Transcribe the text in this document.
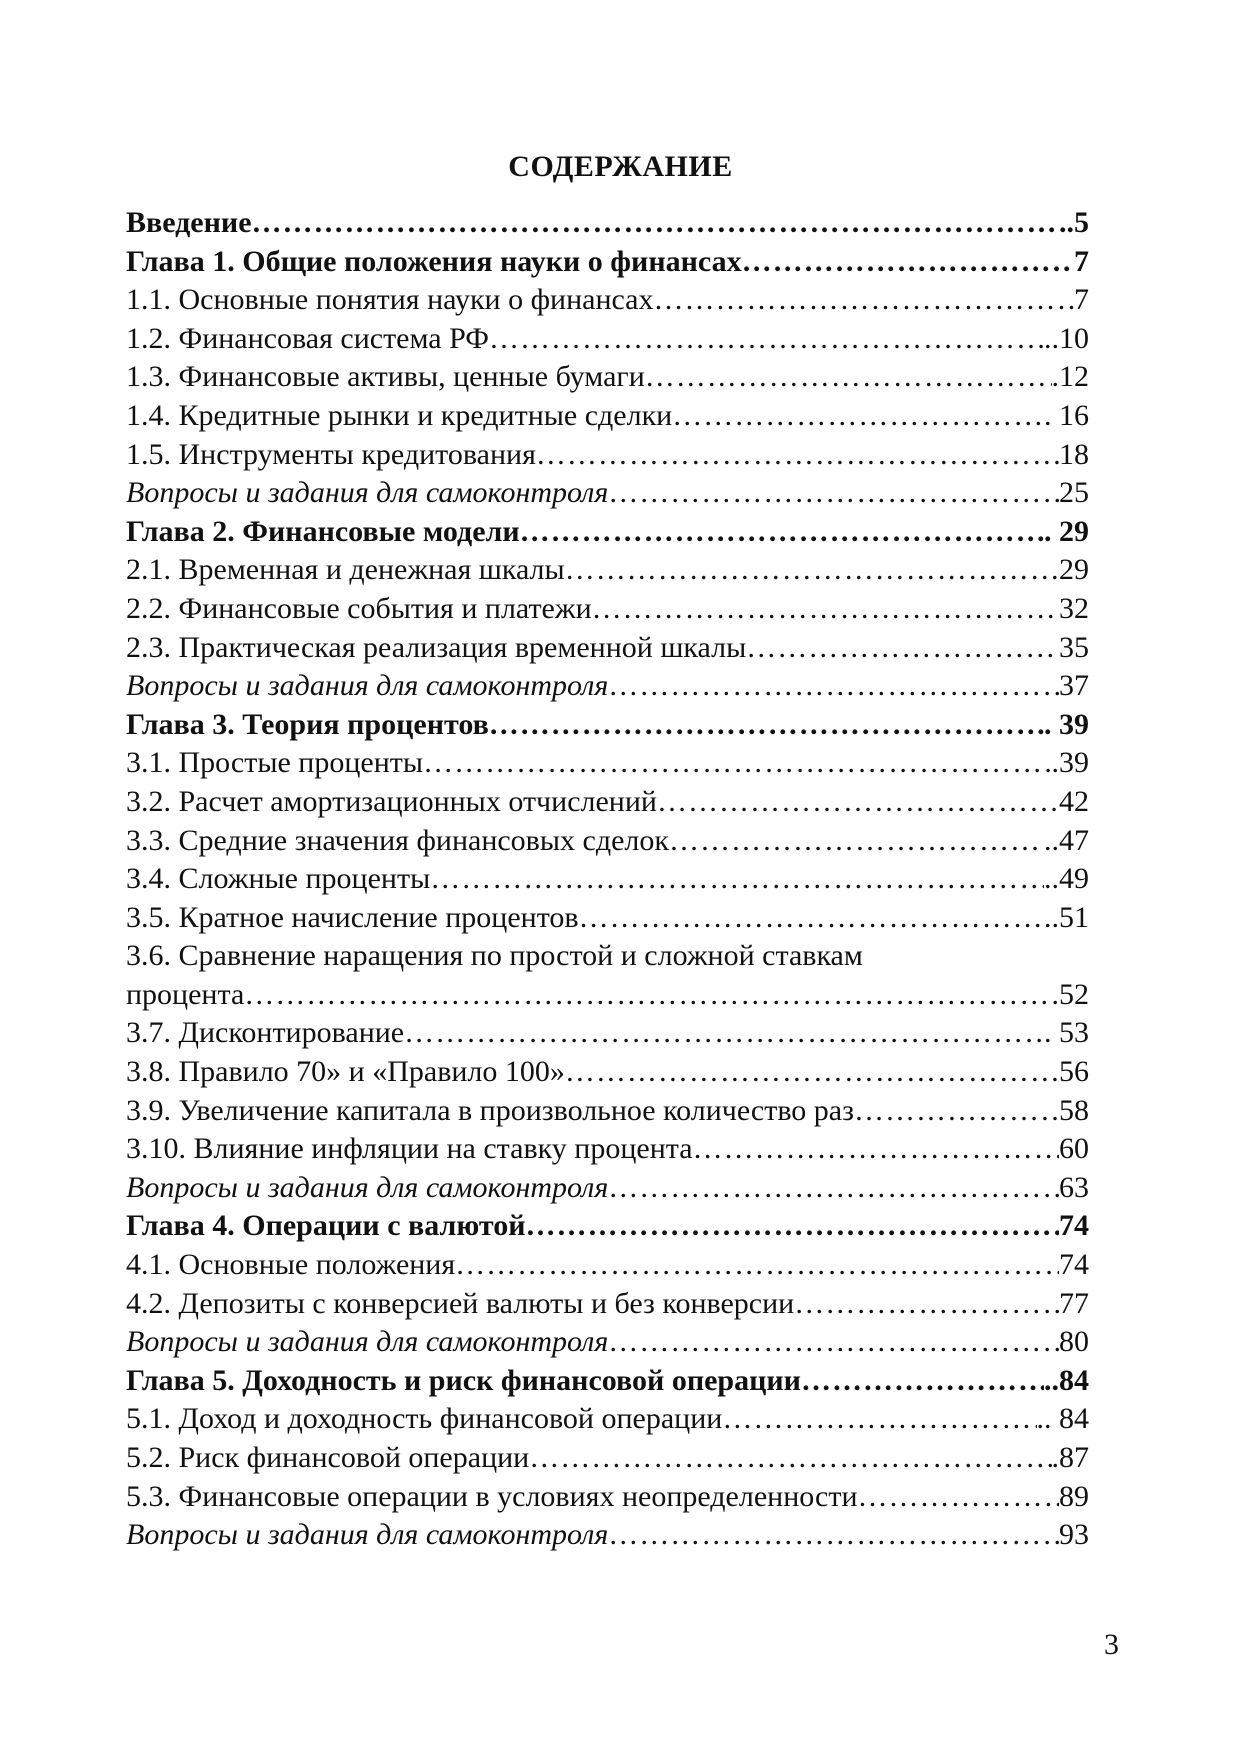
СОДЕРЖАНИЕ
Введение ………………………………………………………………………………………………………………………………………………………………………………………	..5
Глава 1. Общие положения науки о финансах ………………………………………………………………………………………………………………………………………………………………………………………	7
1.1. Основные понятия науки о финансах ………………………………………………………………………………………………………………………………………………………………………………………	7
1.2. Финансовая система РФ ………………………………………………………………………………………………………………………………………………………………………………………	..10
1.3. Финансовые активы, ценные бумаги ………………………………………………………………………………………………………………………………………………………………………………………	.12
1.4. Кредитные рынки и кредитные сделки ………………………………………………………………………………………………………………………………………………………………………………………	. 16
1.5. Инструменты кредитования ………………………………………………………………………………………………………………………………………………………………………………………	18
Вопросы и задания для самоконтроля ………………………………………………………………………………………………………………………………………………………………………………………	25
Глава 2. Финансовые модели ………………………………………………………………………………………………………………………………………………………………………………………	. 29
2.1. Временная и денежная шкалы ………………………………………………………………………………………………………………………………………………………………………………………	29
2.2. Финансовые события и платежи ………………………………………………………………………………………………………………………………………………………………………………………	32
2.3. Практическая реализация временной шкалы ………………………………………………………………………………………………………………………………………………………………………………………	35
Вопросы и задания для самоконтроля ………………………………………………………………………………………………………………………………………………………………………………………	37
Глава 3. Теория процентов ………………………………………………………………………………………………………………………………………………………………………………………	. 39
3.1. Простые проценты ………………………………………………………………………………………………………………………………………………………………………………………	.39
3.2. Расчет амортизационных отчислений ………………………………………………………………………………………………………………………………………………………………………………………	42
3.3. Средние значения финансовых сделок ………………………………………………………………………………………………………………………………………………………………………………………	..47
3.4. Сложные проценты ………………………………………………………………………………………………………………………………………………………………………………………	..49
3.5. Кратное начисление процентов ………………………………………………………………………………………………………………………………………………………………………………………	..51
3.6. Сравнение наращения по простой и сложной ставкам
процента ………………………………………………………………………………………………………………………………………………………………………………………	52
3.7. Дисконтирование ………………………………………………………………………………………………………………………………………………………………………………………	. 53
3.8. Правило 70» и «Правило 100» ………………………………………………………………………………………………………………………………………………………………………………………	56
3.9. Увеличение капитала в произвольное количество раз ………………………………………………………………………………………………………………………………………………………………………………………	58
3.10. Влияние инфляции на ставку процента ………………………………………………………………………………………………………………………………………………………………………………………	60
Вопросы и задания для самоконтроля ………………………………………………………………………………………………………………………………………………………………………………………	63
Глава 4. Операции с валютой ………………………………………………………………………………………………………………………………………………………………………………………	74
4.1. Основные положения ………………………………………………………………………………………………………………………………………………………………………………………	74
4.2. Депозиты с конверсией валюты и без конверсии ………………………………………………………………………………………………………………………………………………………………………………………	77
Вопросы и задания для самоконтроля ………………………………………………………………………………………………………………………………………………………………………………………	80
Глава 5. Доходность и риск финансовой операции ………………………………………………………………………………………………………………………………………………………………………………………	..84
5.1. Доход и доходность финансовой операции ………………………………………………………………………………………………………………………………………………………………………………………	.. 84
5.2. Риск финансовой операции ………………………………………………………………………………………………………………………………………………………………………………………	.87
5.3. Финансовые операции в условиях неопределенности ………………………………………………………………………………………………………………………………………………………………………………………	89
Вопросы и задания для самоконтроля ………………………………………………………………………………………………………………………………………………………………………………………	93
3
